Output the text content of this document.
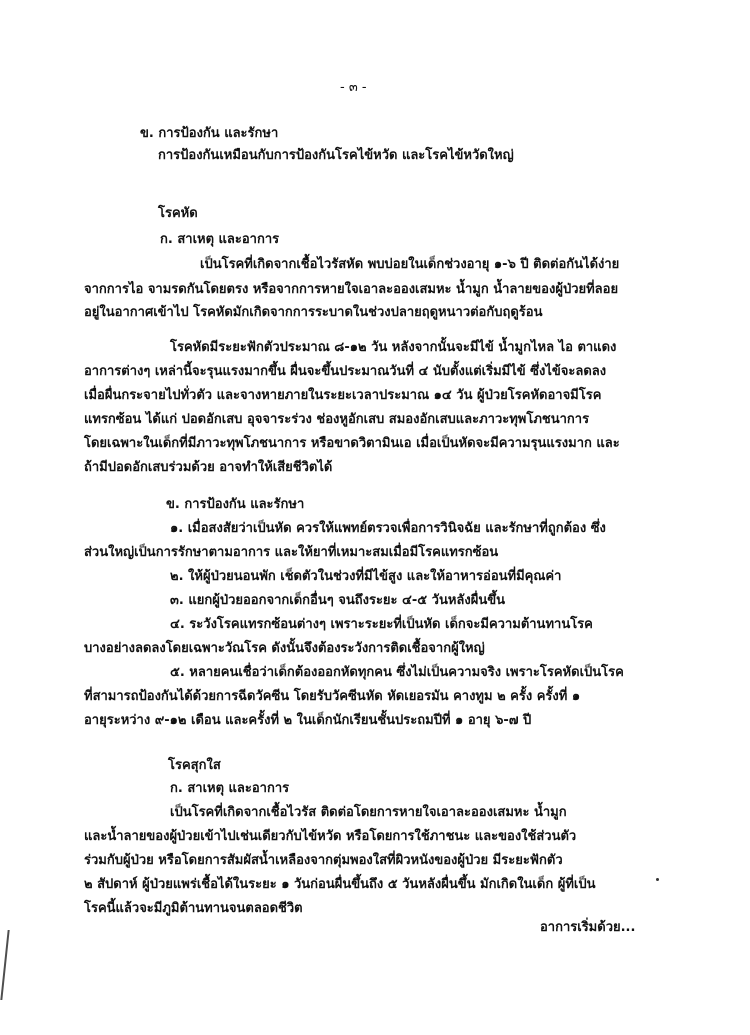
- ๓ -
ข. การป้องกัน และรักษา
การป้องกันเหมือนกับการป้องกันโรคไข้หวัด และโรคไข้หวัดใหญ่
โรคหัด
ก. สาเหตุ และอาการ
เป็นโรคที่เกิดจากเชื้อไวรัสหัด พบบ่อยในเด็กช่วงอายุ ๑-๖ ปี ติดต่อกันได้ง่าย
จากการไอ จามรดกันโดยตรง หรือจากการหายใจเอาละอองเสมหะ น้ำมูก น้ำลายของผู้ป่วยที่ลอย
อยู่ในอากาศเข้าไป โรคหัดมักเกิดจากการระบาดในช่วงปลายฤดูหนาวต่อกับฤดูร้อน
โรคหัดมีระยะฟักตัวประมาณ ๘-๑๒ วัน หลังจากนั้นจะมีไข้ น้ำมูกไหล ไอ ตาแดง
อาการต่างๆ เหล่านี้จะรุนแรงมากขึ้น ผื่นจะขึ้นประมาณวันที่ ๔ นับตั้งแต่เริ่มมีไข้ ซึ่งไข้จะลดลง
เมื่อผื่นกระจายไปทั่วตัว และจางหายภายในระยะเวลาประมาณ ๑๔ วัน ผู้ป่วยโรคหัดอาจมีโรค
แทรกซ้อน ได้แก่ ปอดอักเสบ อุจจาระร่วง ช่องหูอักเสบ สมองอักเสบและภาวะทุพโภชนาการ
โดยเฉพาะในเด็กที่มีภาวะทุพโภชนาการ หรือขาดวิตามินเอ เมื่อเป็นหัดจะมีความรุนแรงมาก และ
ถ้ามีปอดอักเสบร่วมด้วย อาจทำให้เสียชีวิตได้
ข. การป้องกัน และรักษา
๑. เมื่อสงสัยว่าเป็นหัด ควรให้แพทย์ตรวจเพื่อการวินิจฉัย และรักษาที่ถูกต้อง ซึ่ง
ส่วนใหญ่เป็นการรักษาตามอาการ และให้ยาที่เหมาะสมเมื่อมีโรคแทรกซ้อน
๒. ให้ผู้ป่วยนอนพัก เช็ดตัวในช่วงที่มีไข้สูง และให้อาหารอ่อนที่มีคุณค่า
๓. แยกผู้ป่วยออกจากเด็กอื่นๆ จนถึงระยะ ๔-๕ วันหลังผื่นขึ้น
๔. ระวังโรคแทรกซ้อนต่างๆ เพราะระยะที่เป็นหัด เด็กจะมีความต้านทานโรค
บางอย่างลดลงโดยเฉพาะวัณโรค ดังนั้นจึงต้องระวังการติดเชื้อจากผู้ใหญ่
๕. หลายคนเชื่อว่าเด็กต้องออกหัดทุกคน ซึ่งไม่เป็นความจริง เพราะโรคหัดเป็นโรค
ที่สามารถป้องกันได้ด้วยการฉีดวัคซีน โดยรับวัคซีนหัด หัดเยอรมัน คางทูม ๒ ครั้ง ครั้งที่ ๑
อายุระหว่าง ๙-๑๒ เดือน และครั้งที่ ๒ ในเด็กนักเรียนชั้นประถมปีที่ ๑ อายุ ๖-๗ ปี
โรคสุกใส
ก. สาเหตุ และอาการ
เป็นโรคที่เกิดจากเชื้อไวรัส ติดต่อโดยการหายใจเอาละอองเสมหะ น้ำมูก
และน้ำลายของผู้ป่วยเข้าไปเช่นเดียวกับไข้หวัด หรือโดยการใช้ภาชนะ และของใช้ส่วนตัว
ร่วมกับผู้ป่วย หรือโดยการสัมผัสน้ำเหลืองจากตุ่มพองใสที่ผิวหนังของผู้ป่วย มีระยะฟักตัว
๒ สัปดาห์ ผู้ป่วยแพร่เชื้อได้ในระยะ ๑ วันก่อนผื่นขึ้นถึง ๕ วันหลังผื่นขึ้น มักเกิดในเด็ก ผู้ที่เป็น
โรคนี้แล้วจะมีภูมิต้านทานจนตลอดชีวิต
อาการเริ่มด้วย...
